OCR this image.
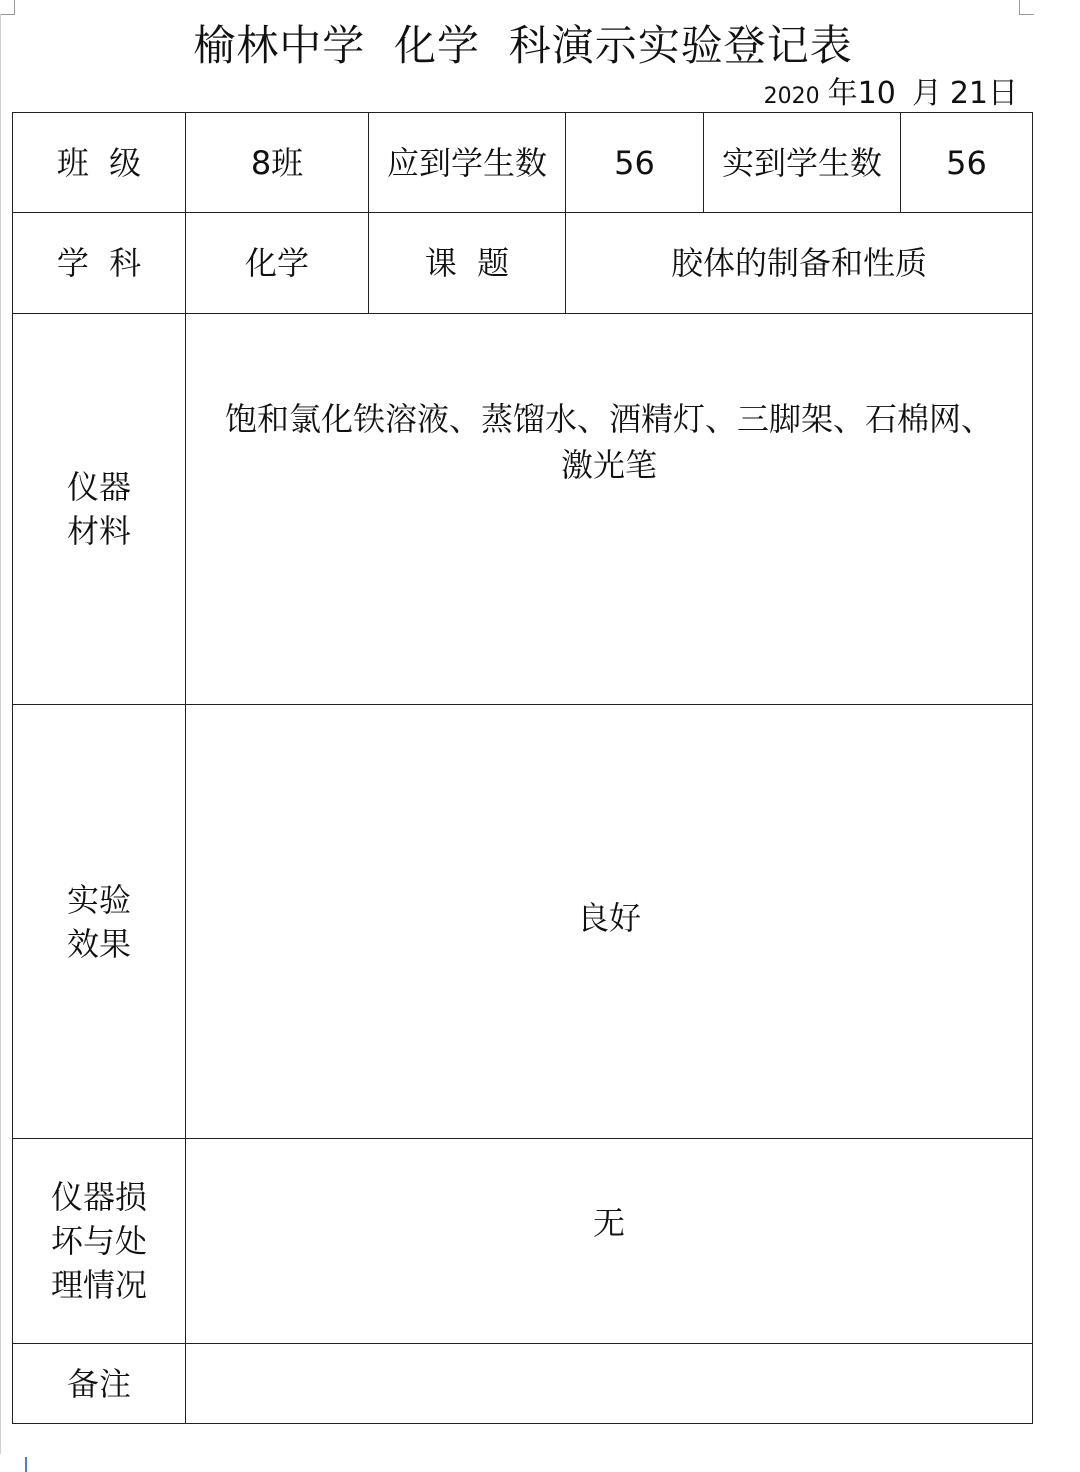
榆林中学  化学  科演示实验登记表
2020 年10 月 21日
班  级	8班	应到学生数	56	实到学生数	56
学  科	化学	课  题	胶体的制备和性质		

仪器
材料	饱和氯化铁溶液、蒸馏水、酒精灯、三脚架、石棉网、
激光笔				

实验
效果	良好				

仪器损
坏与处
理情况	无				
备注					
